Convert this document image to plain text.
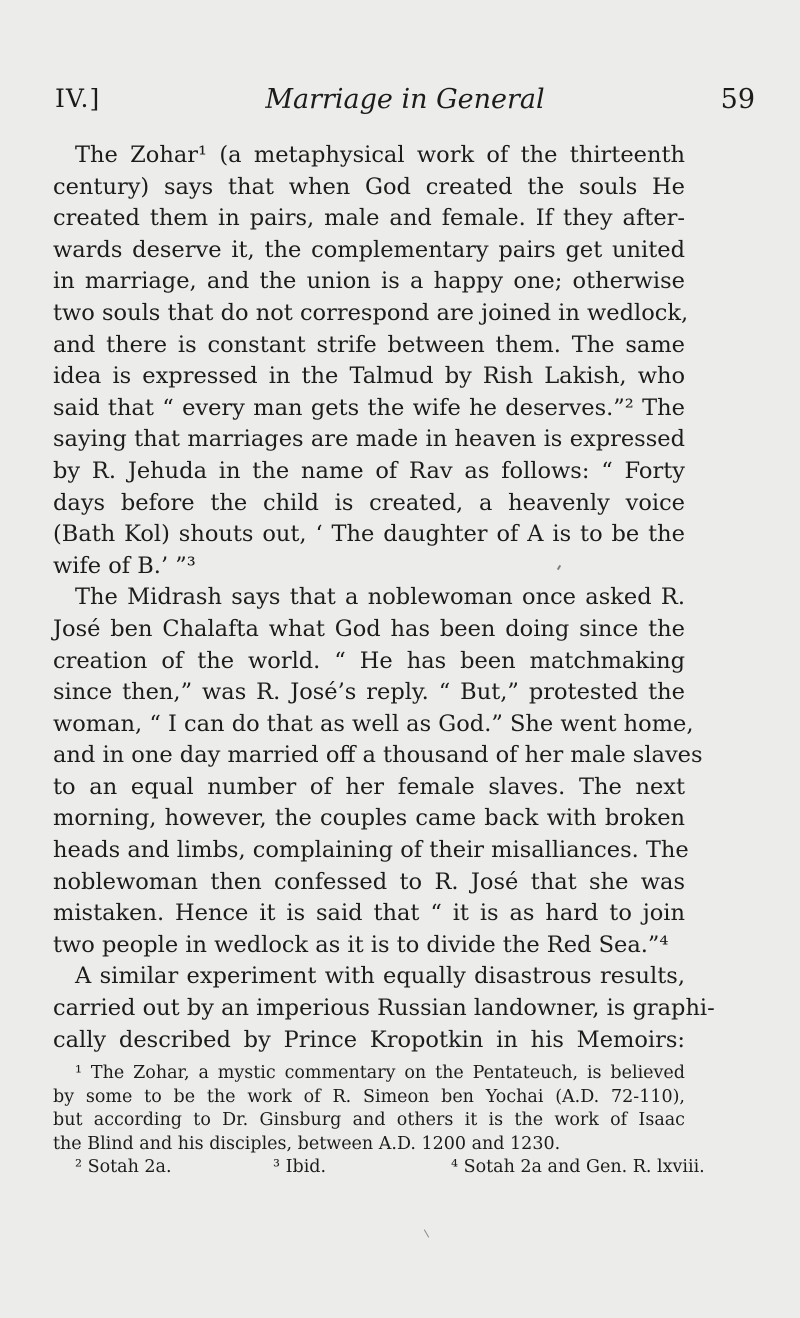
IV.]	Marriage in General	59
The Zohar¹ (a metaphysical work of the thirteenth
century) says that when God created the souls He
created them in pairs, male and female. If they after-
wards deserve it, the complementary pairs get united
in marriage, and the union is a happy one; otherwise
two souls that do not correspond are joined in wedlock,
and there is constant strife between them. The same
idea is expressed in the Talmud by Rish Lakish, who
said that “ every man gets the wife he deserves.”² The
saying that marriages are made in heaven is expressed
by R. Jehuda in the name of Rav as follows: “ Forty
days before the child is created, a heavenly voice
(Bath Kol) shouts out, ‘ The daughter of A is to be the
wife of B.’ ”³
The Midrash says that a noblewoman once asked R.
José ben Chalafta what God has been doing since the
creation of the world. “ He has been matchmaking
since then,” was R. José’s reply. “ But,” protested the
woman, “ I can do that as well as God.” She went home,
and in one day married off a thousand of her male slaves
to an equal number of her female slaves. The next
morning, however, the couples came back with broken
heads and limbs, complaining of their misalliances. The
noblewoman then confessed to R. José that she was
mistaken. Hence it is said that “ it is as hard to join
two people in wedlock as it is to divide the Red Sea.”⁴
A similar experiment with equally disastrous results,
carried out by an imperious Russian landowner, is graphi-
cally described by Prince Kropotkin in his Memoirs:
¹ The Zohar, a mystic commentary on the Pentateuch, is believed
by some to be the work of R. Simeon ben Yochai (A.D. 72-110),
but according to Dr. Ginsburg and others it is the work of Isaac
the Blind and his disciples, between A.D. 1200 and 1230.
² Sotah 2a.	³ Ibid.	⁴ Sotah 2a and Gen. R. lxviii.
